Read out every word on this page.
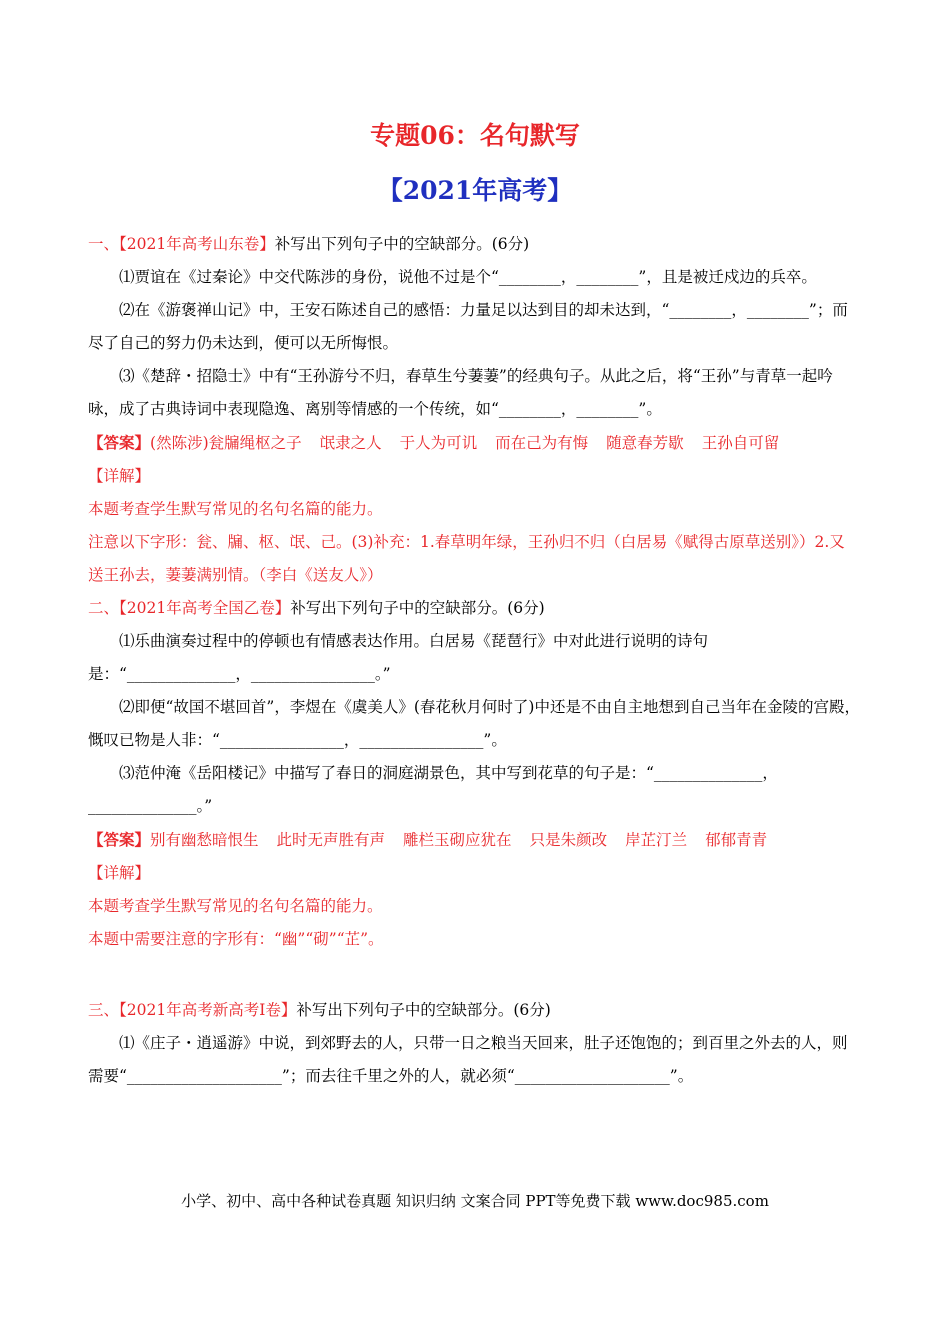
专题06：名句默写
【2021年高考】

一、【2021年高考山东卷】补写出下列句子中的空缺部分。(6分)

⑴贾谊在《过秦论》中交代陈涉的身份，说他不过是个“________，________”，且是被迁戍边的兵卒。

⑵在《游褒禅山记》中，王安石陈述自己的感悟：力量足以达到目的却未达到，“________，________”；而尽了自己的努力仍未达到，便可以无所悔恨。

⑶《楚辞・招隐士》中有“王孙游兮不归，春草生兮萋萋”的经典句子。从此之后，将“王孙”与青草一起吟咏，成了古典诗词中表现隐逸、离别等情感的一个传统，如“________，________”。

【答案】(然陈涉)瓮牖绳枢之子 氓隶之人 于人为可讥 而在己为有悔 随意春芳歇 王孙自可留

【详解】

本题考查学生默写常见的名句名篇的能力。

注意以下字形：瓮、牖、枢、氓、己。(3)补充：1.春草明年绿，王孙归不归（白居易《赋得古原草送别》）2.又送王孙去，萋萋满别情。（李白《送友人》）

二、【2021年高考全国乙卷】补写出下列句子中的空缺部分。(6分)

⑴乐曲演奏过程中的停顿也有情感表达作用。白居易《琵琶行》中对此进行说明的诗句是：“______________，________________。”

⑵即便“故国不堪回首”，李煜在《虞美人》(春花秋月何时了)中还是不由自主地想到自己当年在金陵的宫殿，慨叹已物是人非：“________________，________________”。

⑶范仲淹《岳阳楼记》中描写了春日的洞庭湖景色，其中写到花草的句子是：“______________，______________。”

【答案】别有幽愁暗恨生 此时无声胜有声 雕栏玉砌应犹在 只是朱颜改 岸芷汀兰 郁郁青青

【详解】

本题考查学生默写常见的名句名篇的能力。

本题中需要注意的字形有：“幽”“砌”“芷”。

三、【2021年高考新高考I卷】补写出下列句子中的空缺部分。(6分)

⑴《庄子・逍遥游》中说，到郊野去的人，只带一日之粮当天回来，肚子还饱饱的；到百里之外去的人，则需要“____________________”；而去往千里之外的人，就必须“____________________”。

小学、初中、高中各种试卷真题 知识归纳 文案合同 PPT等免费下载 www.doc985.com
